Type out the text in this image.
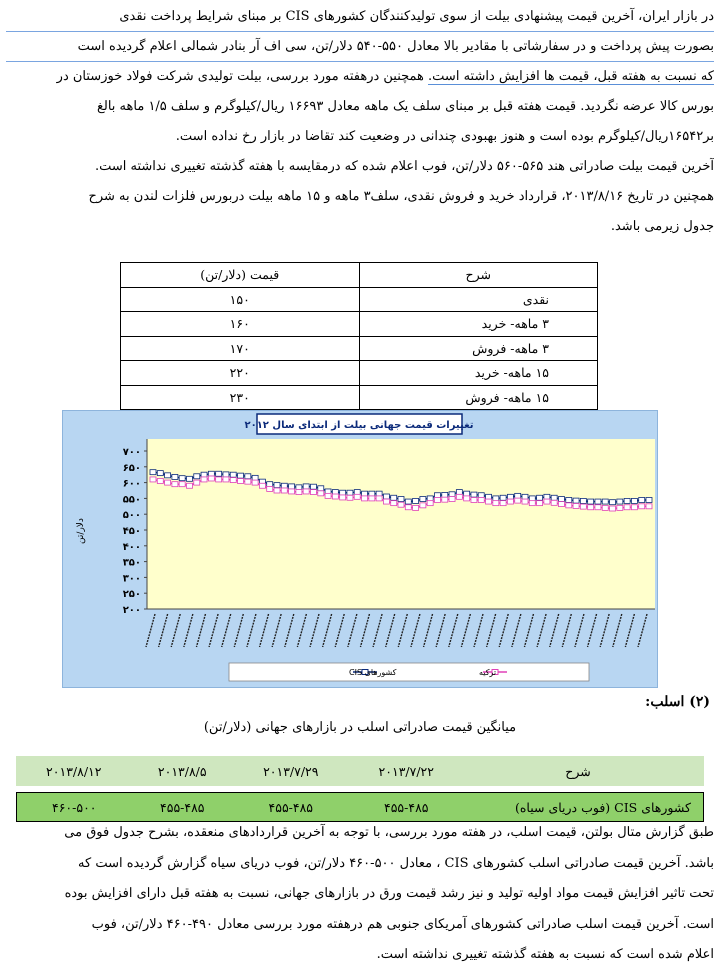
در بازار ایران، آخرین قیمت پیشنهادی بیلت از سوی تولیدکنندگان کشورهای CIS بر مبنای شرایط پرداخت نقدی
بصورت پیش پرداخت و در سفارشاتی با مقادیر بالا معادل ۵۵۰-۵۴۰ دلار/تن، سی اف آر بنادر شمالی اعلام گردیده است
که نسبت به هفته قبل، قیمت ها افزایش داشته است. همچنین درهفته مورد بررسی، بیلت تولیدی شرکت فولاد خوزستان در
بورس کالا عرضه نگردید. قیمت هفته قبل بر مبنای سلف یک ماهه معادل ۱۶۶۹۳ ریال/کیلوگرم و سلف ۱/۵ ماهه بالغ
بر۱۶۵۴۲ریال/کیلوگرم بوده است و هنوز بهبودی چندانی در وضعیت کند تقاضا در بازار رخ نداده است.
آخرین قیمت بیلت صادراتی هند ۵۶۵-۵۶۰ دلار/تن، فوب اعلام شده که درمقایسه با هفته گذشته تغییری نداشته است.
همچنین در تاریخ ۲۰۱۳/۸/۱۶، قرارداد خرید و فروش نقدی، سلف۳ ماهه و ۱۵ ماهه بیلت دربورس فلزات لندن به شرح
جدول زیرمی باشد.
شرح	قیمت (دلار/تن)
نقدی	۱۵۰
۳ ماهه- خرید	۱۶۰
۳ ماهه- فروش	۱۷۰
۱۵ ماهه- خرید	۲۲۰
۱۵ ماهه- فروش	۲۳۰
تغییرات قیمت جهانی بیلت از ابتدای سال ۲۰۱۲
دلار/تن
۲۰۰
۲۵۰
۳۰۰
۳۵۰
۴۰۰
۴۵۰
۵۰۰
۵۵۰
۶۰۰
۶۵۰
۷۰۰
کشورهای CIS	ترکیه
(۲) اسلب:
میانگین قیمت صادراتی اسلب در بازارهای جهانی (دلار/تن)
شرح	۲۰۱۳/۷/۲۲	۲۰۱۳/۷/۲۹	۲۰۱۳/۸/۵	۲۰۱۳/۸/۱۲
کشورهای CIS (فوب دریای سیاه)	۴۵۵-۴۸۵	۴۵۵-۴۸۵	۴۵۵-۴۸۵	۴۶۰-۵۰۰
طبق گزارش متال بولتن، قیمت اسلب، در هفته مورد بررسی، با توجه به آخرین قراردادهای منعقده، بشرح جدول فوق می
باشد. آخرین قیمت صادراتی اسلب کشورهای CIS ، معادل ۵۰۰-۴۶۰ دلار/تن، فوب دریای سیاه گزارش گردیده است که
تحت تاثیر افزایش قیمت مواد اولیه تولید و نیز رشد قیمت ورق در بازارهای جهانی، نسبت به هفته قبل دارای افزایش بوده
است. آخرین قیمت اسلب صادراتی کشورهای آمریکای جنوبی هم درهفته مورد بررسی معادل ۴۹۰-۴۶۰ دلار/تن، فوب
اعلام شده است که نسبت به هفته گذشته تغییری نداشته است.
